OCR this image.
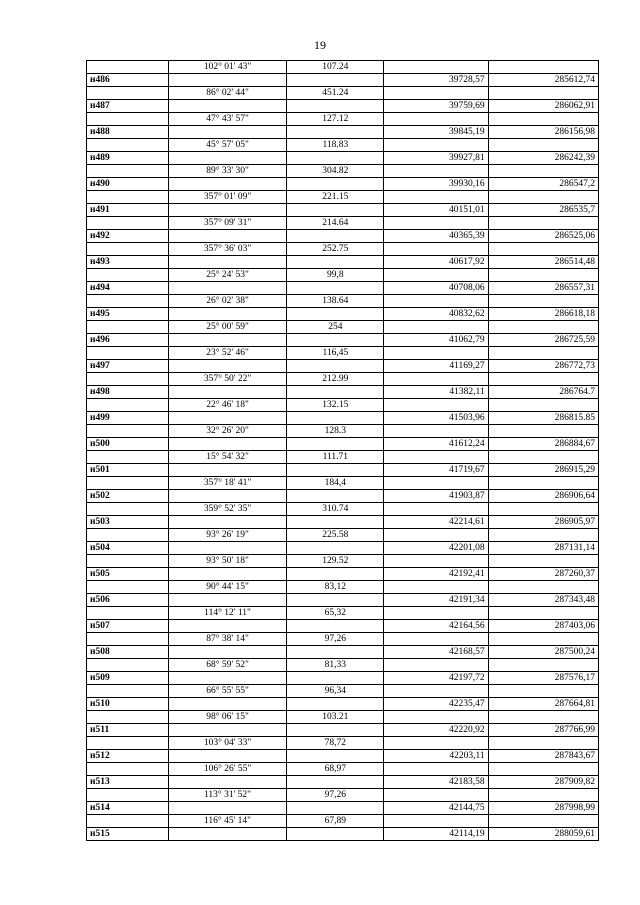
19
	102° 01' 43"	107.24		
н486			39728,57	285612,74
	86° 02' 44"	451.24		
н487			39759,69	286062,91
	47° 43' 57"	127.12		
н488			39845,19	286156,98
	45° 57' 05"	118.83		
н489			39927,81	286242,39
	89° 33' 30"	304.82		
н490			39930,16	286547,2
	357° 01' 09"	221.15		
н491			40151,01	286535,7
	357° 09' 31"	214.64		
н492			40365,39	286525,06
	357° 36' 03"	252.75		
н493			40617,92	286514,48
	25° 24' 53"	99,8		
н494			40708,06	286557,31
	26° 02' 38"	138.64		
н495			40832,62	286618,18
	25° 00' 59"	254		
н496			41062,79	286725,59
	23° 52' 46"	116,45		
н497			41169,27	286772,73
	357° 50' 22"	212.99		
н498			41382,11	286764.7
	22° 46' 18"	132.15		
н499			41503,96	286815.85
	32° 26' 20"	128.3		
н500			41612,24	286884,67
	15° 54' 32"	111.71		
н501			41719,67	286915,29
	357° 18' 41"	184,4		
н502			41903,87	286906,64
	359° 52' 35"	310.74		
н503			42214,61	286905,97
	93° 26' 19"	225.58		
н504			42201,08	287131,14
	93° 50' 18"	129.52		
н505			42192,41	287260,37
	90° 44' 15"	83,12		
н506			42191,34	287343,48
	114° 12' 11"	65,32		
н507			42164,56	287403,06
	87° 38' 14"	97,26		
н508			42168,57	287500,24
	68° 59' 52"	81,33		
н509			42197,72	287576,17
	66° 55' 55"	96,34		
н510			42235,47	287664,81
	98° 06' 15"	103.21		
н511			42220,92	287766,99
	103° 04' 33"	78,72		
н512			42203,11	287843,67
	106° 26' 55"	68,97		
н513			42183,58	287909,82
	113° 31' 52"	97,26		
н514			42144,75	287998,99
	116° 45' 14"	67,89		
н515			42114,19	288059,61
